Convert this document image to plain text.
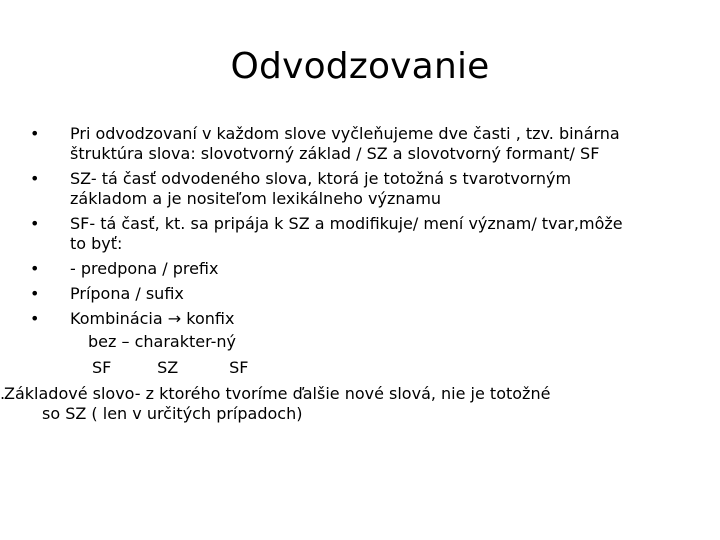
Odvodzovanie
•	Pri odvodzovaní v každom slove vyčleňujeme dve časti , tzv. binárna
štruktúra slova: slovotvorný základ / SZ a slovotvorný formant/ SF
•	SZ- tá časť odvodeného slova, ktorá je totožná s tvarotvorným
základom a je nositeľom lexikálneho významu
•	SF- tá časť, kt. sa pripája k SZ a modifikuje/ mení význam/ tvar,môže
to byť:
•	- predpona / prefix
•	Prípona / sufix
•	Kombinácia → konfix

bez – charakter-ný

SF         SZ          SF

.
Základové slovo- z ktorého tvoríme ďalšie nové slová, nie je totožné
so SZ ( len v určitých prípadoch)
